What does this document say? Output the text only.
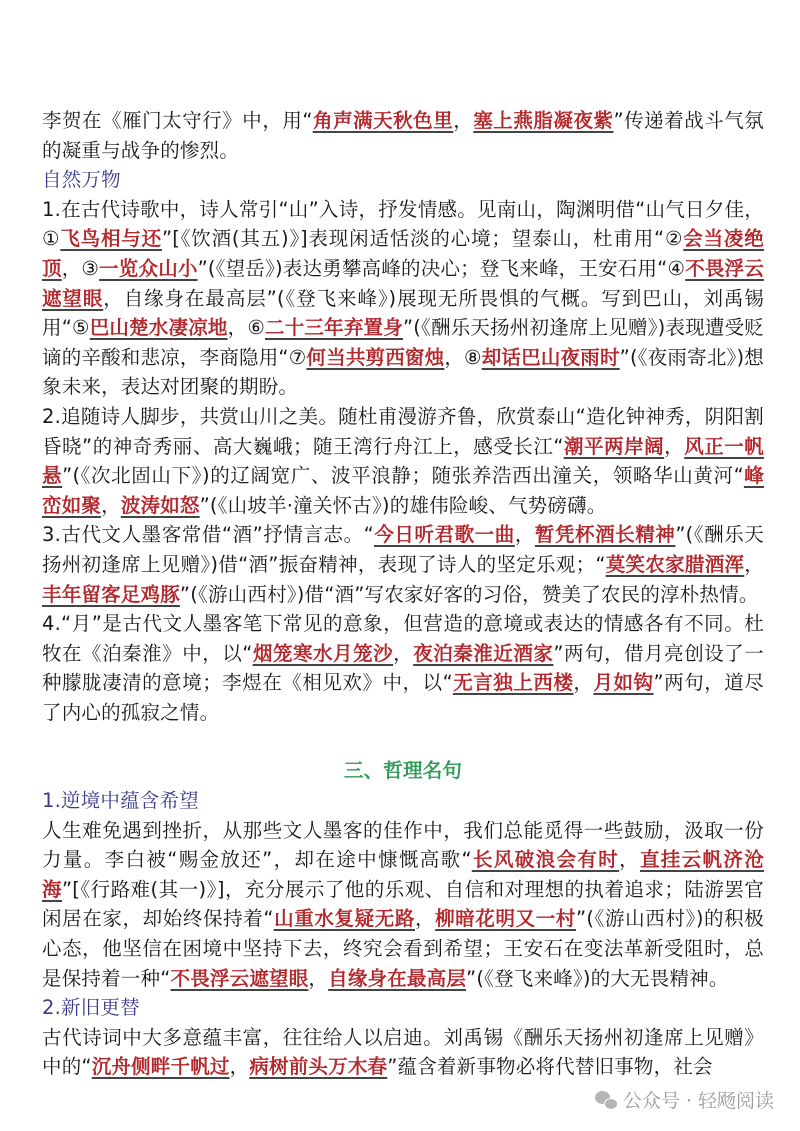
李贺在《雁门太守行》中，用“角声满天秋色里，塞上燕脂凝夜紫”传递着战斗气氛的凝重与战争的惨烈。

自然万物

1.在古代诗歌中，诗人常引“山”入诗，抒发情感。见南山，陶渊明借“山气日夕佳，①飞鸟相与还”[《饮酒(其五)》]表现闲适恬淡的心境；望泰山，杜甫用“②会当凌绝顶，③一览众山小”(《望岳》)表达勇攀高峰的决心；登飞来峰，王安石用“④不畏浮云遮望眼，自缘身在最高层”(《登飞来峰》)展现无所畏惧的气概。写到巴山，刘禹锡用“⑤巴山楚水凄凉地，⑥二十三年弃置身”(《酬乐天扬州初逢席上见赠》)表现遭受贬谪的辛酸和悲凉，李商隐用“⑦何当共剪西窗烛，⑧却话巴山夜雨时”(《夜雨寄北》)想象未来，表达对团聚的期盼。

2.追随诗人脚步，共赏山川之美。随杜甫漫游齐鲁，欣赏泰山“造化钟神秀，阴阳割昏晓”的神奇秀丽、高大巍峨；随王湾行舟江上，感受长江“潮平两岸阔，风正一帆悬”(《次北固山下》)的辽阔宽广、波平浪静；随张养浩西出潼关，领略华山黄河“峰峦如聚，波涛如怒”(《山坡羊·潼关怀古》)的雄伟险峻、气势磅礴。

3.古代文人墨客常借“酒”抒情言志。“今日听君歌一曲，暂凭杯酒长精神”(《酬乐天扬州初逢席上见赠》)借“酒”振奋精神，表现了诗人的坚定乐观；“莫笑农家腊酒浑，丰年留客足鸡豚”(《游山西村》)借“酒”写农家好客的习俗，赞美了农民的淳朴热情。

4.“月”是古代文人墨客笔下常见的意象，但营造的意境或表达的情感各有不同。杜牧在《泊秦淮》中，以“烟笼寒水月笼沙，夜泊秦淮近酒家”两句，借月亮创设了一种朦胧凄清的意境；李煜在《相见欢》中，以“无言独上西楼，月如钩”两句，道尽了内心的孤寂之情。

三、哲理名句

1.逆境中蕴含希望

人生难免遇到挫折，从那些文人墨客的佳作中，我们总能觅得一些鼓励，汲取一份力量。李白被“赐金放还”，却在途中慷慨高歌“长风破浪会有时，直挂云帆济沧海”[《行路难(其一)》]，充分展示了他的乐观、自信和对理想的执着追求；陆游罢官闲居在家，却始终保持着“山重水复疑无路，柳暗花明又一村”(《游山西村》)的积极心态，他坚信在困境中坚持下去，终究会看到希望；王安石在变法革新受阻时，总是保持着一种“不畏浮云遮望眼，自缘身在最高层”(《登飞来峰》)的大无畏精神。

2.新旧更替

古代诗词中大多意蕴丰富，往往给人以启迪。刘禹锡《酬乐天扬州初逢席上见赠》中的“沉舟侧畔千帆过，病树前头万木春”蕴含着新事物必将代替旧事物，社会

公众号 · 轻飏阅读
